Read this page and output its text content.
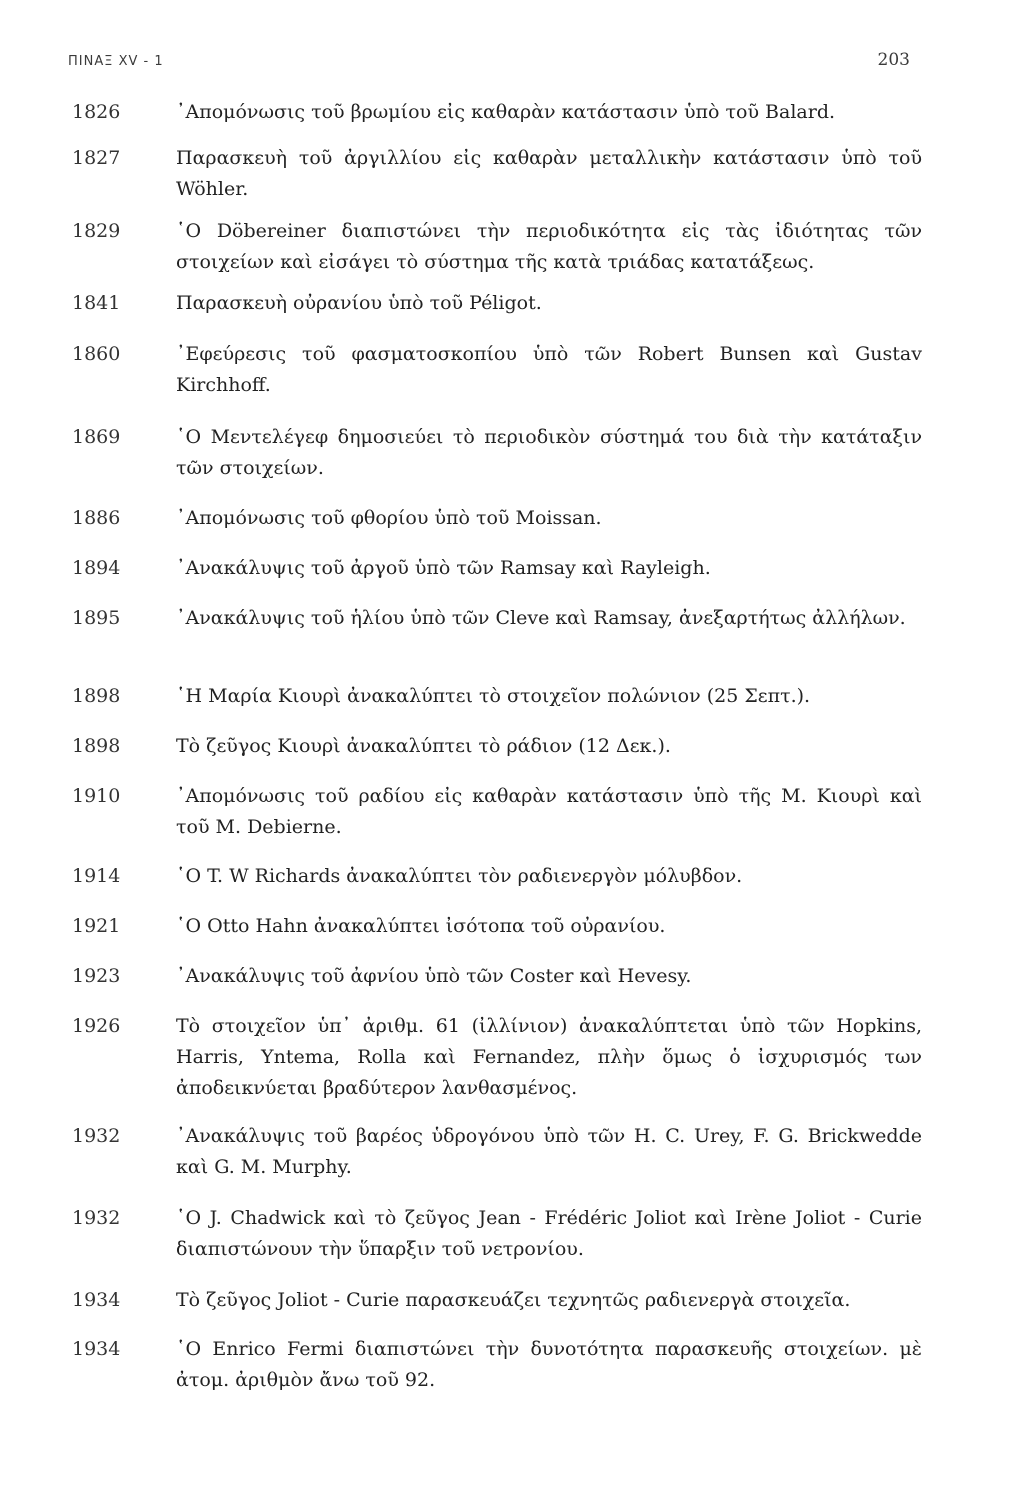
ΠΙΝΑΞ XV - 1	203
1826	᾿Απομόνωσις τοῦ βρωμίου εἰς καθαρὰν κατάστασιν ὑπὸ τοῦ Balard.
1827	Παρασκευὴ τοῦ ἀργιλλίου εἰς καθαρὰν μεταλλικὴν κατάστασιν ὑπὸ τοῦ Wöhler.
1829	῾Ο Döbereiner διαπιστώνει τὴν περιοδικότητα εἰς τὰς ἰδιότητας τῶν στοιχείων καὶ εἰσάγει τὸ σύστημα τῆς κατὰ τριάδας κατατάξεως.
1841	Παρασκευὴ οὐρανίου ὑπὸ τοῦ Péligot.
1860	᾿Εφεύρεσις τοῦ φασματοσκοπίου ὑπὸ τῶν Robert Bunsen καὶ Gustav Kirchhoff.
1869	῾Ο Μεντελέγεφ δημοσιεύει τὸ περιοδικὸν σύστημά του διὰ τὴν κατάταξιν τῶν στοιχείων.
1886	᾿Απομόνωσις τοῦ φθορίου ὑπὸ τοῦ Moissan.
1894	᾿Ανακάλυψις τοῦ ἀργοῦ ὑπὸ τῶν Ramsay καὶ Rayleigh.
1895	᾿Ανακάλυψις τοῦ ἡλίου ὑπὸ τῶν Cleve καὶ Ramsay, ἀνεξαρτήτως ἀλλήλων.
1898	῾Η Μαρία Κιουρὶ ἀνακαλύπτει τὸ στοιχεῖον πολώνιον (25 Σεπτ.).
1898	Τὸ ζεῦγος Κιουρὶ ἀνακαλύπτει τὸ ράδιον (12 Δεκ.).
1910	᾿Απομόνωσις τοῦ ραδίου εἰς καθαρὰν κατάστασιν ὑπὸ τῆς Μ. Κιουρὶ καὶ τοῦ Μ. Debierne.
1914	῾Ο T. W Richards ἀνακαλύπτει τὸν ραδιενεργὸν μόλυβδον.
1921	῾Ο Otto Hahn ἀνακαλύπτει ἰσότοπα τοῦ οὐρανίου.
1923	᾿Ανακάλυψις τοῦ ἀφνίου ὑπὸ τῶν Coster καὶ Hevesy.
1926	Τὸ στοιχεῖον ὑπ᾿ ἀριθμ. 61 (ἰλλίνιον) ἀνακαλύπτεται ὑπὸ τῶν Hopkins, Harris, Yntema, Rolla καὶ Fernandez, πλὴν ὅμως ὁ ἰσχυρισμός των ἀποδεικνύεται βραδύτερον λανθασμένος.
1932	᾿Ανακάλυψις τοῦ βαρέος ὑδρογόνου ὑπὸ τῶν H. C. Urey, F. G. Brickwedde καὶ G. M. Murphy.
1932	῾Ο J. Chadwick καὶ τὸ ζεῦγος Jean - Frédéric Joliot καὶ Irène Joliot - Curie διαπιστώνουν τὴν ὕπαρξιν τοῦ νετρονίου.
1934	Τὸ ζεῦγος Joliot - Curie παρασκευάζει τεχνητῶς ραδιενεργὰ στοιχεῖα.
1934	῾Ο Enrico Fermi διαπιστώνει τὴν δυνοτότητα παρασκευῆς στοιχείων. μὲ ἀτομ. ἀριθμὸν ἄνω τοῦ 92.
